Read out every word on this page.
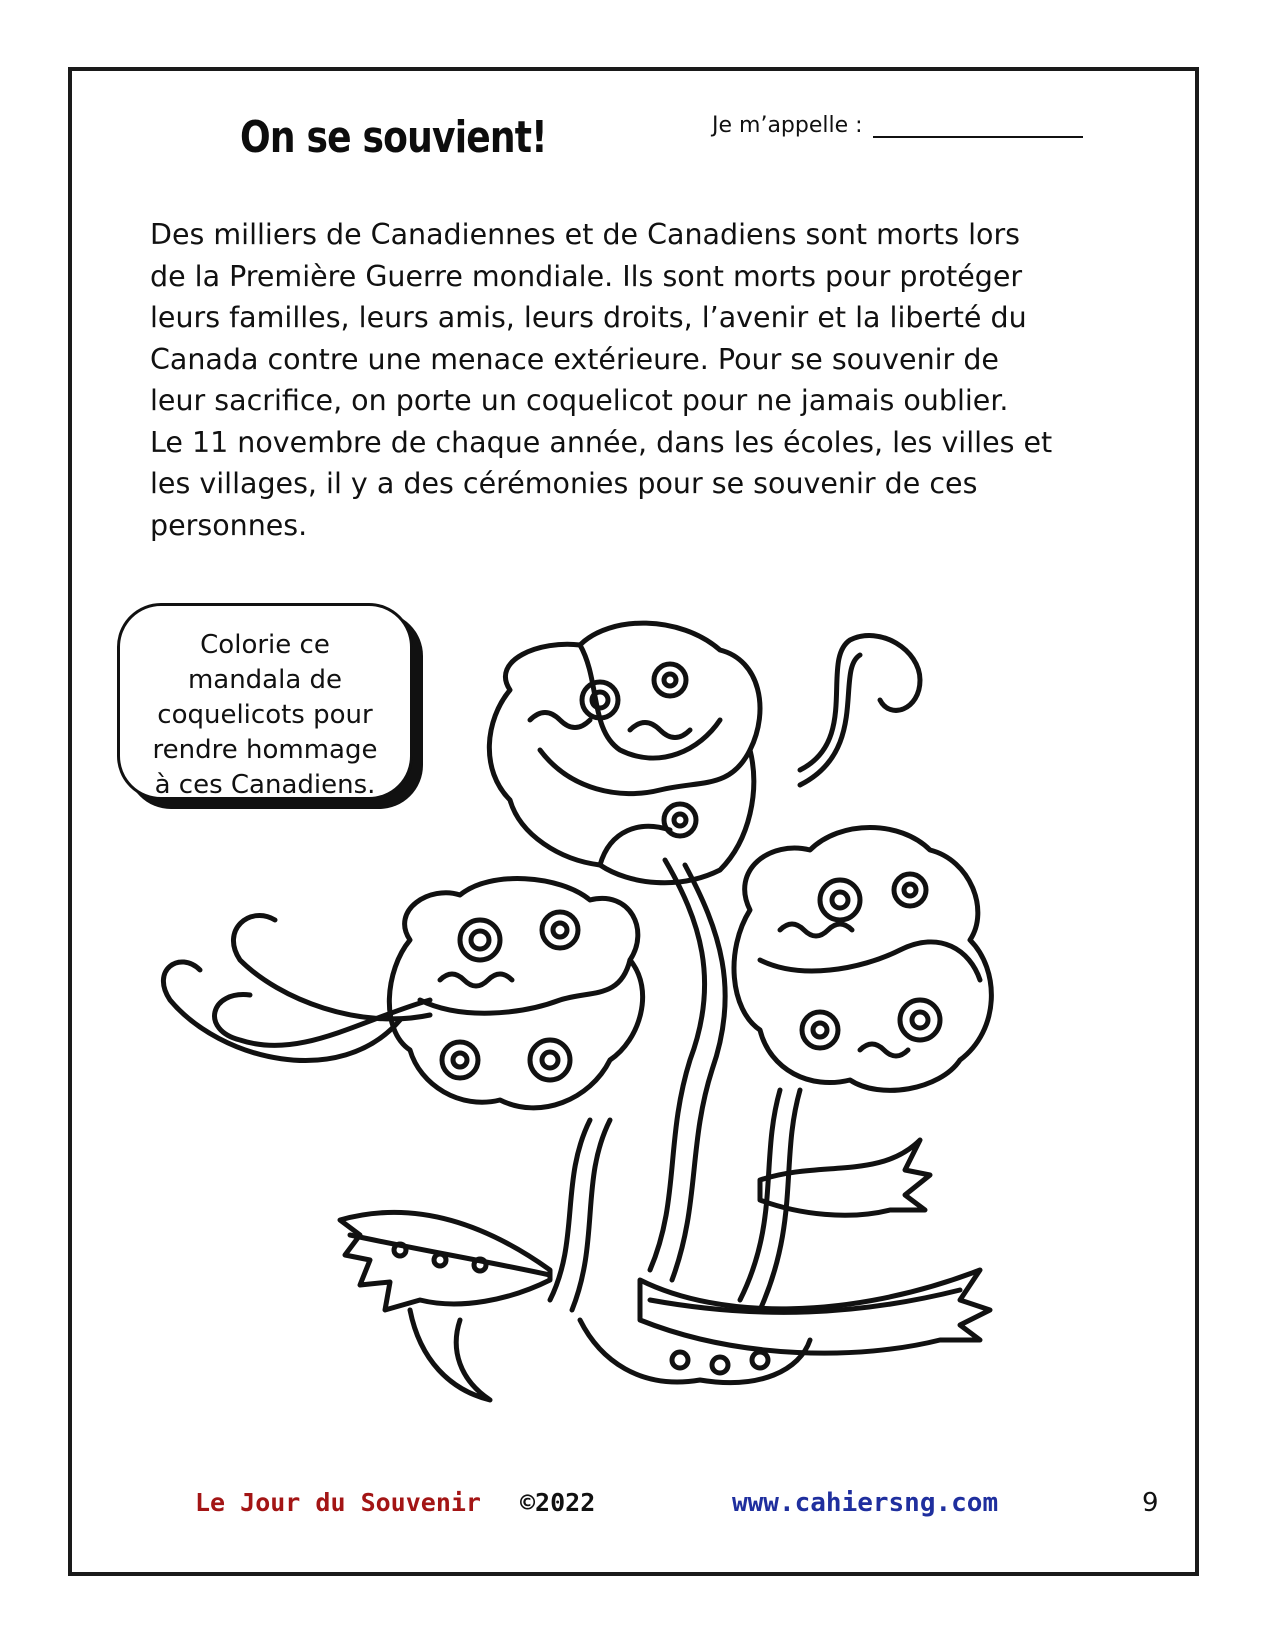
On se souvient!	Je m’appelle :
Des milliers de Canadiennes et de Canadiens sont morts lors
de la Première Guerre mondiale. Ils sont morts pour protéger
leurs familles, leurs amis, leurs droits, l’avenir et la liberté du
Canada contre une menace extérieure. Pour se souvenir de
leur sacrifice, on porte un coquelicot pour ne jamais oublier.
Le 11 novembre de chaque année, dans les écoles, les villes et
les villages, il y a des cérémonies pour se souvenir de ces
personnes.
Colorie ce
mandala de
coquelicots pour
rendre hommage
à ces Canadiens.
Le Jour du Souvenir ©2022	www.cahiersng.com	9
